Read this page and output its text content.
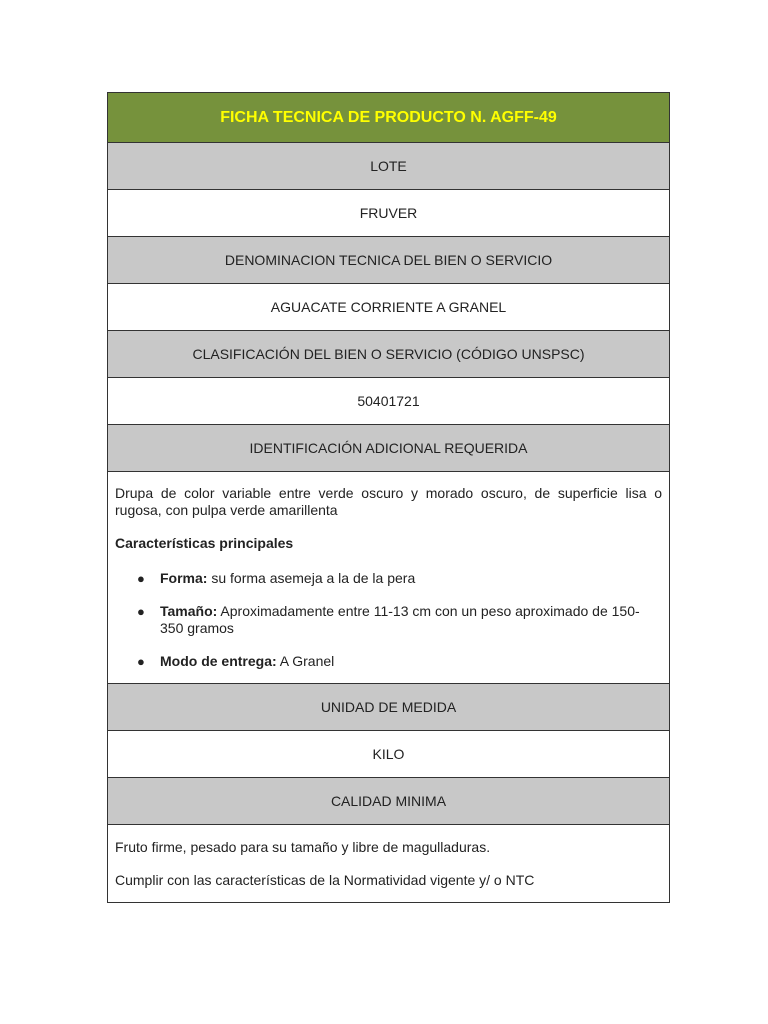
FICHA TECNICA DE PRODUCTO N. AGFF-49
LOTE
FRUVER
DENOMINACION TECNICA DEL BIEN O SERVICIO
AGUACATE CORRIENTE A GRANEL
CLASIFICACIÓN DEL BIEN O SERVICIO (CÓDIGO UNSPSC)
50401721
IDENTIFICACIÓN ADICIONAL REQUERIDA

Drupa de color variable entre verde oscuro y morado oscuro, de superficie lisa o rugosa, con pulpa verde amarillenta

Características principales

● Forma: su forma asemeja a la de la pera
● Tamaño: Aproximadamente entre 11-13 cm con un peso aproximado de 150-350 gramos
● Modo de entrega: A Granel
UNIDAD DE MEDIDA
KILO
CALIDAD MINIMA

Fruto firme, pesado para su tamaño y libre de magulladuras.

Cumplir con las características de la Normatividad vigente y/ o NTC
